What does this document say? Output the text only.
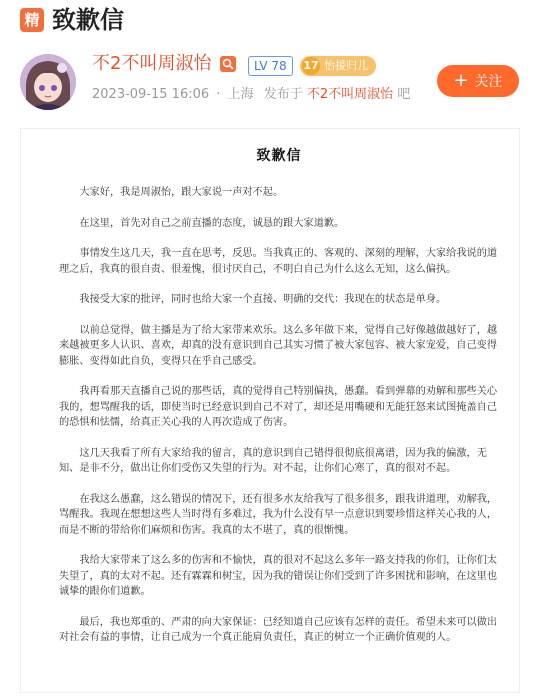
精 致歉信
不2不叫周淑怡	LV 78	17 怡援归儿
2023-09-15 16:06 · 上海 发布于 不2不叫周淑怡 吧
+ 关注
致歉信

大家好，我是周淑怡，跟大家说一声对不起。

在这里，首先对自己之前直播的态度，诚恳的跟大家道歉。

事情发生这几天，我一直在思考，反思。当我真正的、客观的、深刻的理解，大家给我说的道理之后，我真的很自责、很羞愧，很讨厌自己，不明白自己为什么这么无知，这么偏执。

我接受大家的批评，同时也给大家一个直接、明确的交代：我现在的状态是单身。

以前总觉得，做主播是为了给大家带来欢乐。这么多年做下来，觉得自己好像越做越好了，越来越被更多人认识、喜欢，却真的没有意识到自己其实习惯了被大家包容、被大家宠爱，自己变得膨胀、变得如此自负，变得只在乎自己感受。

我再看那天直播自己说的那些话，真的觉得自己特别偏执，愚蠢。看到弹幕的劝解和那些关心我的，想骂醒我的话，即使当时已经意识到自己不对了，却还是用嘴硬和无能狂怒来试图掩盖自己的恐惧和怯懦，给真正关心我的人再次造成了伤害。

这几天我看了所有大家给我的留言，真的意识到自己错得很彻底很离谱，因为我的偏激，无知、是非不分，做出让你们受伤又失望的行为。对不起，让你们心寒了，真的很对不起。

在我这么愚蠢，这么错误的情况下，还有很多水友给我写了很多很多，跟我讲道理，劝解我，骂醒我。我现在想想这些人当时得有多难过，我为什么没有早一点意识到要珍惜这样关心我的人，而是不断的带给你们麻烦和伤害。我真的太不堪了，真的很惭愧。

我给大家带来了这么多的伤害和不愉快，真的很对不起这么多年一路支持我的你们，让你们太失望了，真的太对不起。还有霖霖和树宝，因为我的错误让你们受到了许多困扰和影响，在这里也诚挚的跟你们道歉。

最后，我也郑重的、严肃的向大家保证：已经知道自己应该有怎样的责任。希望未来可以做出对社会有益的事情，让自己成为一个真正能肩负责任，真正的树立一个正确价值观的人。
